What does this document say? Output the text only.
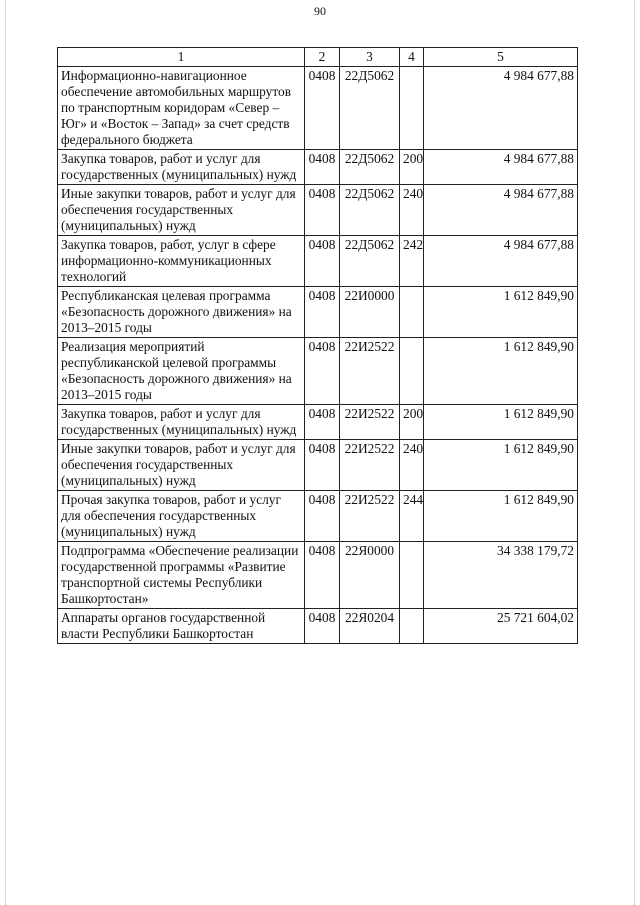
90
1	2	3	4	5
Информационно-навигационное обеспечение автомобильных маршрутов по транспортным коридорам «Север – Юг» и «Восток – Запад» за счет средств федерального бюджета	0408	22Д5062		4 984 677,88
Закупка товаров, работ и услуг для государственных (муниципальных) нужд	0408	22Д5062	200	4 984 677,88
Иные закупки товаров, работ и услуг для обеспечения государственных (муниципальных) нужд	0408	22Д5062	240	4 984 677,88
Закупка товаров, работ, услуг в сфере информационно-коммуникационных технологий	0408	22Д5062	242	4 984 677,88
Республиканская целевая программа «Безопасность дорожного движения» на 2013–2015 годы	0408	22И0000		1 612 849,90
Реализация мероприятий республиканской целевой программы «Безопасность дорожного движения» на 2013–2015 годы	0408	22И2522		1 612 849,90
Закупка товаров, работ и услуг для государственных (муниципальных) нужд	0408	22И2522	200	1 612 849,90
Иные закупки товаров, работ и услуг для обеспечения государственных (муниципальных) нужд	0408	22И2522	240	1 612 849,90
Прочая закупка товаров, работ и услуг для обеспечения государственных (муниципальных) нужд	0408	22И2522	244	1 612 849,90
Подпрограмма «Обеспечение реализации государственной программы «Развитие транспортной системы Республики Башкортостан»	0408	22Я0000		34 338 179,72
Аппараты органов государственной власти Республики Башкортостан	0408	22Я0204		25 721 604,02
